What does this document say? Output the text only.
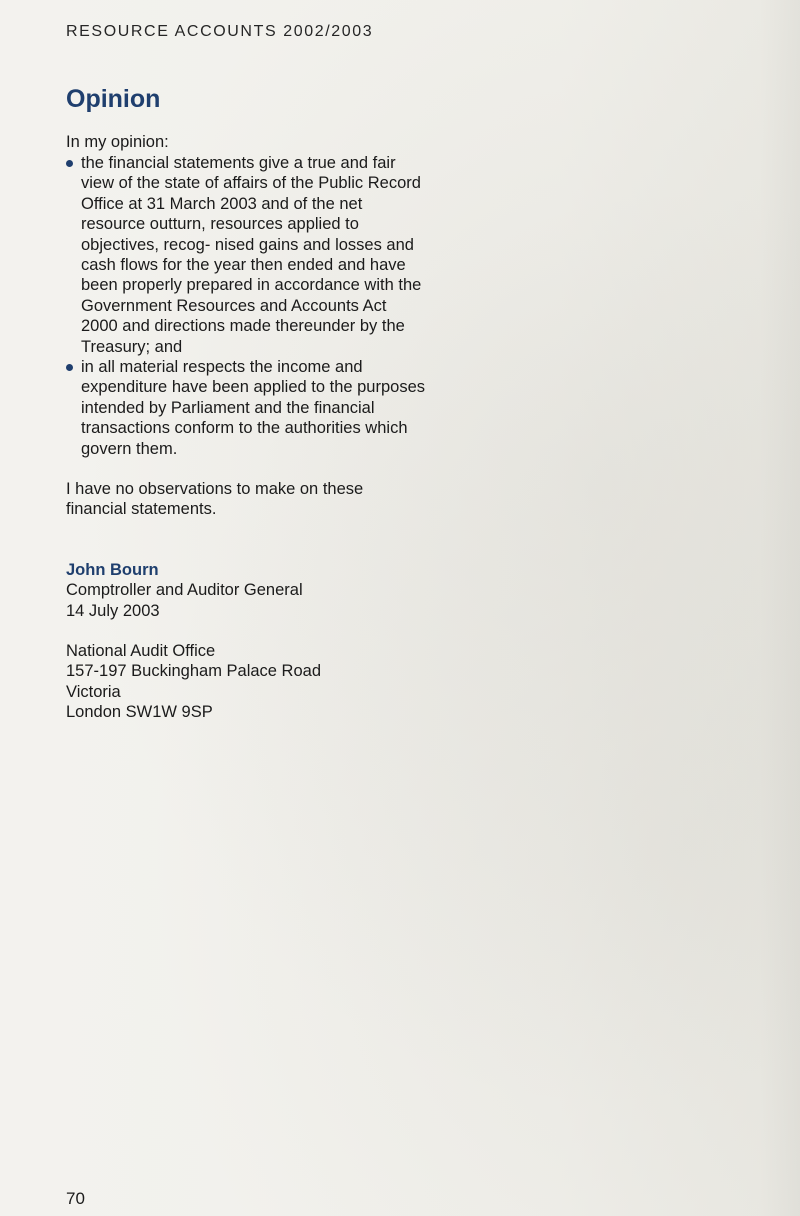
RESOURCE ACCOUNTS 2002/2003
Opinion
In my opinion:
the financial statements give a true and fair view of the state of affairs of the Public Record Office at 31 March 2003 and of the net resource outturn, resources applied to objectives, recog- nised gains and losses and cash flows for the year then ended and have been properly prepared in accordance with the Government Resources and Accounts Act 2000 and directions made thereunder by the Treasury; and
in all material respects the income and expenditure have been applied to the purposes intended by Parliament and the financial transactions conform to the authorities which govern them.
I have no observations to make on these financial statements.
John Bourn
Comptroller and Auditor General
14 July 2003
National Audit Office
157-197 Buckingham Palace Road
Victoria
London SW1W 9SP
70
